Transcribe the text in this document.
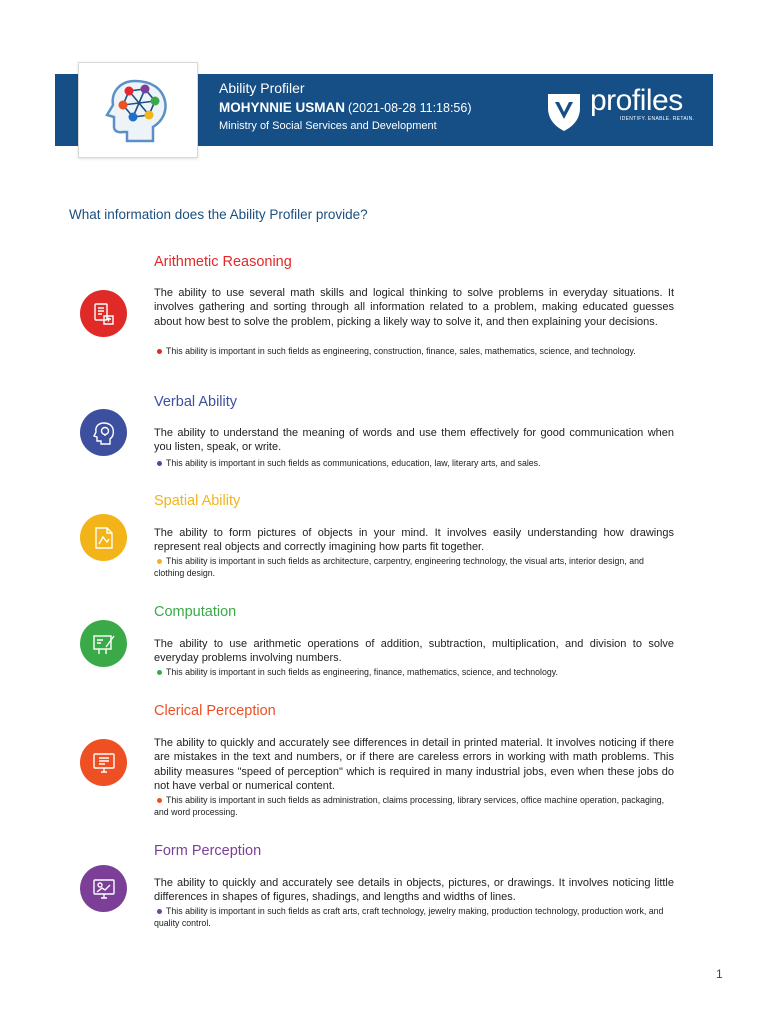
Ability Profiler
MOHYNNIE USMAN (2021-08-28 11:18:56)
Ministry of Social Services and Development
profiles
IDENTIFY. ENABLE. RETAIN.
What information does the Ability Profiler provide?
Arithmetic Reasoning
The ability to use several math skills and logical thinking to solve problems in everyday situations. It involves gathering and sorting through all information related to a problem, making educated guesses about how best to solve the problem, picking a likely way to solve it, and then explaining your decisions.
This ability is important in such fields as engineering, construction, finance, sales, mathematics, science, and technology.
Verbal Ability
The ability to understand the meaning of words and use them effectively for good communication when you listen, speak, or write.
This ability is important in such fields as communications, education, law, literary arts, and sales.
Spatial Ability
The ability to form pictures of objects in your mind. It involves easily understanding how drawings represent real objects and correctly imagining how parts fit together.
This ability is important in such fields as architecture, carpentry, engineering technology, the visual arts, interior design, and clothing design.
Computation
The ability to use arithmetic operations of addition, subtraction, multiplication, and division to solve everyday problems involving numbers.
This ability is important in such fields as engineering, finance, mathematics, science, and technology.
Clerical Perception
The ability to quickly and accurately see differences in detail in printed material. It involves noticing if there are mistakes in the text and numbers, or if there are careless errors in working with math problems. This ability measures "speed of perception" which is required in many industrial jobs, even when these jobs do not have verbal or numerical content.
This ability is important in such fields as administration, claims processing, library services, office machine operation, packaging, and word processing.
Form Perception
The ability to quickly and accurately see details in objects, pictures, or drawings. It involves noticing little differences in shapes of figures, shadings, and lengths and widths of lines.
This ability is important in such fields as craft arts, craft technology, jewelry making, production technology, production work, and quality control.
1
